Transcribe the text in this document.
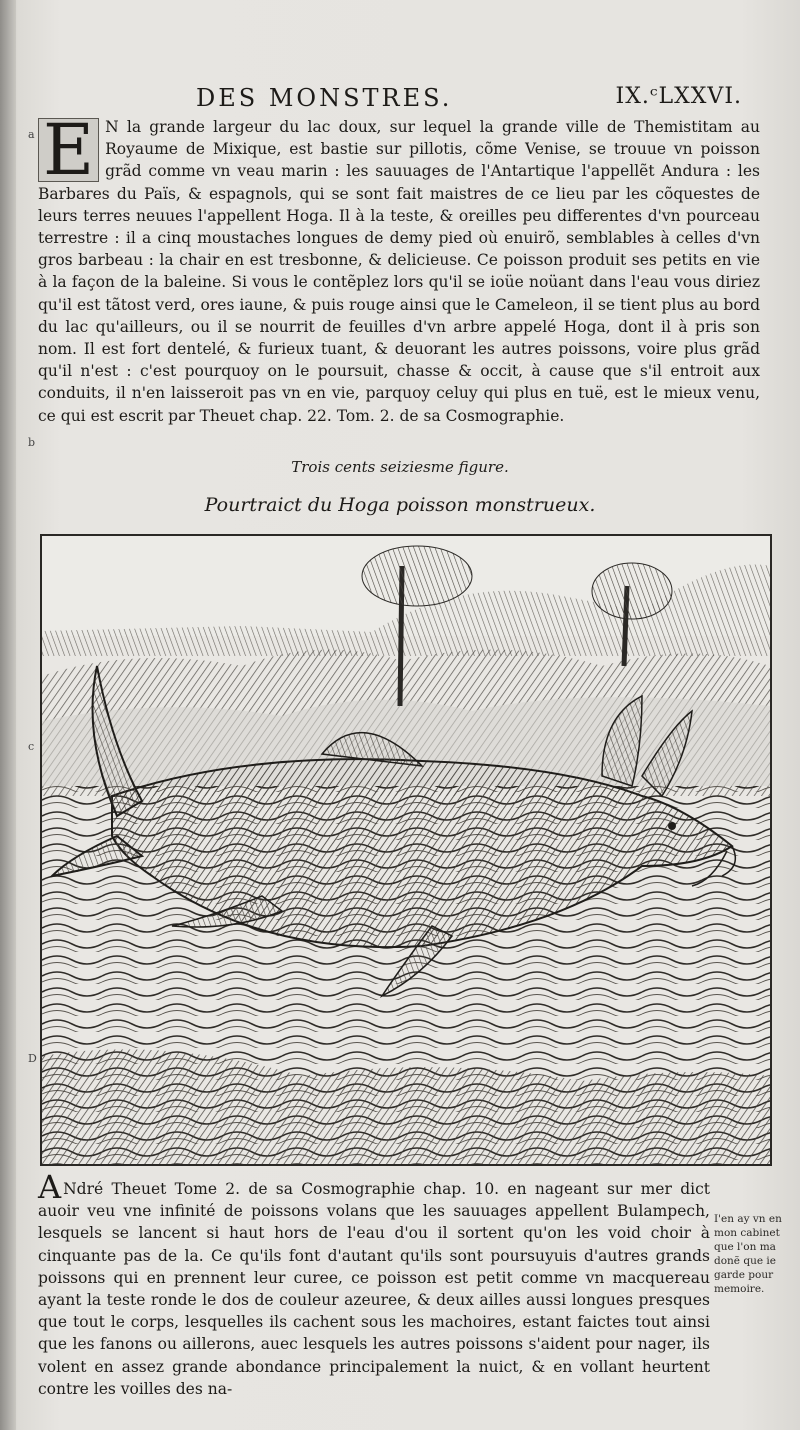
DES MONSTRES.	IX.ᶜLXXVI.
a
b
c
D

E N la grande largeur du lac doux, sur lequel la grande ville de Themistitam au Royaume de Mixique, est bastie sur pillotis, cõme Venise, se trouue vn poisson grãd comme vn veau marin : les sauuages de l'Antartique l'appellẽt Andura : les Barbares du Païs, & espagnols, qui se sont fait maistres de ce lieu par les cõquestes de leurs terres neuues l'appellent Hoga. Il à la teste, & oreilles peu differentes d'vn pourceau terrestre : il a cinq moustaches longues de demy pied où enuirõ, semblables à celles d'vn gros barbeau : la chair en est tresbonne, & delicieuse. Ce poisson produit ses petits en vie à la façon de la baleine. Si vous le contẽplez lors qu'il se ioüe noüant dans l'eau vous diriez qu'il est tãtost verd, ores iaune, & puis rouge ainsi que le Cameleon, il se tient plus au bord du lac qu'ailleurs, ou il se nourrit de feuilles d'vn arbre appelé Hoga, dont il à pris son nom. Il est fort dentelé, & furieux tuant, & deuorant les autres poissons, voire plus grãd qu'il n'est : c'est pourquoy on le poursuit, chasse & occit, à cause que s'il entroit aux conduits, il n'en laisseroit pas vn en vie, parquoy celuy qui plus en tuë, est le mieux venu, ce qui est escrit par Theuet chap. 22. Tom. 2. de sa Cosmographie.

Trois cents seiziesme figure.
Pourtraict du Hoga poisson monstrueux.

A Ndré Theuet Tome 2. de sa Cosmographie chap. 10. en nageant sur mer dict auoir veu vne infinité de poissons volans que les sauuages appellent Bulampech, lesquels se lancent si haut hors de l'eau d'ou il sortent qu'on les void choir à cinquante pas de la. Ce qu'ils font d'autant qu'ils sont poursuyuis d'autres grands poissons qui en prennent leur curee, ce poisson est petit comme vn macquereau ayant la teste ronde le dos de couleur azeuree, & deux ailles aussi longues presques que tout le corps, lesquelles ils cachent sous les machoires, estant faictes tout ainsi que les fanons ou aillerons, auec lesquels les autres poissons s'aident pour nager, ils volent en assez grande abondance principalement la nuict, & en vollant heurtent contre les voilles des na-

I'en ay vn en mon cabinet que l'on ma donẽ que ie garde pour memoire.
